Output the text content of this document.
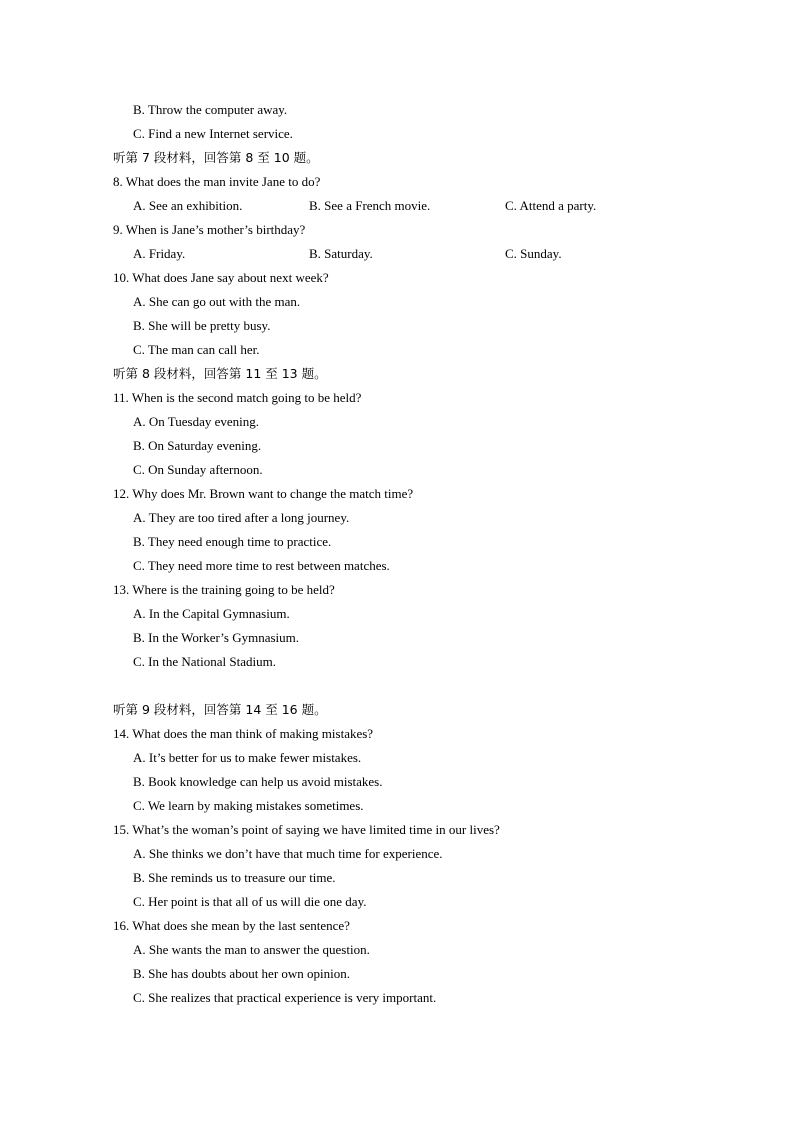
B. Throw the computer away.
C. Find a new Internet service.
听第 7 段材料，回答第 8 至 10 题。
8. What does the man invite Jane to do?
A. See an exhibition.	B. See a French movie.	C. Attend a party.
9. When is Jane’s mother’s birthday?
A. Friday.	B. Saturday.	C. Sunday.
10. What does Jane say about next week?
A. She can go out with the man.
B. She will be pretty busy.
C. The man can call her.
听第 8 段材料，回答第 11 至 13 题。
11. When is the second match going to be held?
A. On Tuesday evening.
B. On Saturday evening.
C. On Sunday afternoon.
12. Why does Mr. Brown want to change the match time?
A. They are too tired after a long journey.
B. They need enough time to practice.
C. They need more time to rest between matches.
13. Where is the training going to be held?
A. In the Capital Gymnasium.
B. In the Worker’s Gymnasium.
C. In the National Stadium.
听第 9 段材料，回答第 14 至 16 题。
14. What does the man think of making mistakes?
A. It’s better for us to make fewer mistakes.
B. Book knowledge can help us avoid mistakes.
C. We learn by making mistakes sometimes.
15. What’s the woman’s point of saying we have limited time in our lives?
A. She thinks we don’t have that much time for experience.
B. She reminds us to treasure our time.
C. Her point is that all of us will die one day.
16. What does she mean by the last sentence?
A. She wants the man to answer the question.
B. She has doubts about her own opinion.
C. She realizes that practical experience is very important.
